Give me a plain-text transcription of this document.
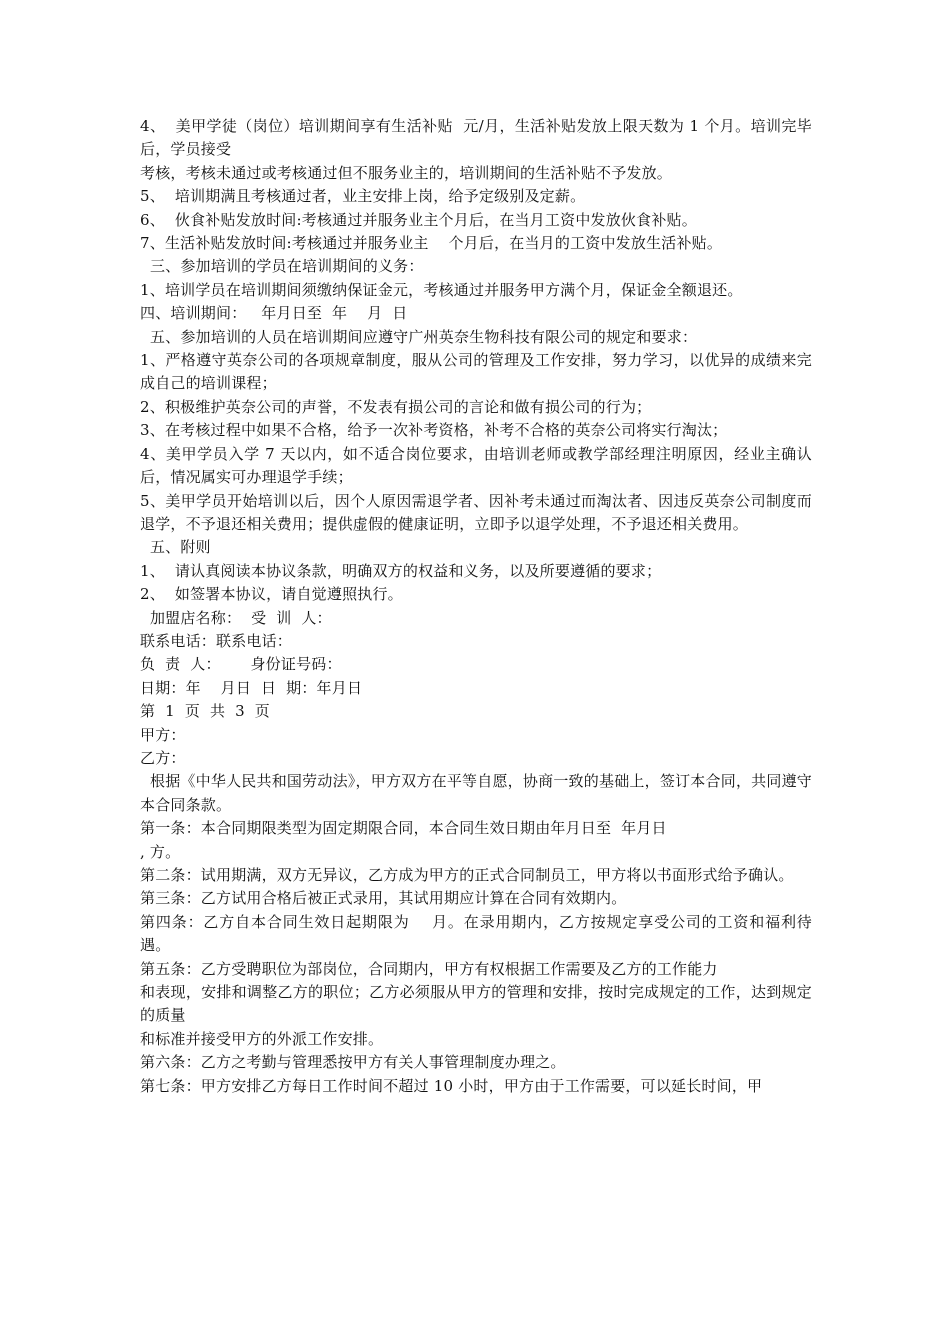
4、  美甲学徒（岗位）培训期间享有生活补贴  元/月，生活补贴发放上限天数为 1 个月。培训完毕后，学员接受

考核，考核未通过或考核通过但不服务业主的，培训期间的生活补贴不予发放。

5、  培训期满且考核通过者，业主安排上岗，给予定级别及定薪。

6、  伙食补贴发放时间:考核通过并服务业主个月后，在当月工资中发放伙食补贴。

7、生活补贴发放时间:考核通过并服务业主    个月后，在当月的工资中发放生活补贴。

三、参加培训的学员在培训期间的义务：

1、培训学员在培训期间须缴纳保证金元，考核通过并服务甲方满个月，保证金全额退还。

四、培训期间：   年月日至  年    月  日

五、参加培训的人员在培训期间应遵守广州英奈生物科技有限公司的规定和要求：

1、严格遵守英奈公司的各项规章制度，服从公司的管理及工作安排，努力学习，以优异的成绩来完成自己的培训课程；

2、积极维护英奈公司的声誉，不发表有损公司的言论和做有损公司的行为；

3、在考核过程中如果不合格，给予一次补考资格，补考不合格的英奈公司将实行淘汰；

4、美甲学员入学 7 天以内，如不适合岗位要求，由培训老师或教学部经理注明原因，经业主确认后，情况属实可办理退学手续；

5、美甲学员开始培训以后，因个人原因需退学者、因补考未通过而淘汰者、因违反英奈公司制度而退学，不予退还相关费用；提供虚假的健康证明，立即予以退学处理，不予退还相关费用。

五、附则

1、  请认真阅读本协议条款，明确双方的权益和义务，以及所要遵循的要求；

2、  如签署本协议，请自觉遵照执行。

加盟店名称：  受  训  人：

联系电话：联系电话：

负  责  人：      身份证号码：

日期：年    月日  日  期：年月日

第  1  页  共  3  页

甲方：

乙方：

根据《中华人民共和国劳动法》，甲方双方在平等自愿，协商一致的基础上，签订本合同，共同遵守本合同条款。

第一条：本合同期限类型为固定期限合同，本合同生效日期由年月日至  年月日

, 方。

第二条：试用期满，双方无异议，乙方成为甲方的正式合同制员工，甲方将以书面形式给予确认。

第三条：乙方试用合格后被正式录用，其试用期应计算在合同有效期内。

第四条：乙方自本合同生效日起期限为    月。在录用期内，乙方按规定享受公司的工资和福利待遇。

第五条：乙方受聘职位为部岗位，合同期内，甲方有权根据工作需要及乙方的工作能力

和表现，安排和调整乙方的职位；乙方必须服从甲方的管理和安排，按时完成规定的工作，达到规定的质量

和标准并接受甲方的外派工作安排。

第六条：乙方之考勤与管理悉按甲方有关人事管理制度办理之。

第七条：甲方安排乙方每日工作时间不超过 10 小时，甲方由于工作需要，可以延长时间，甲
